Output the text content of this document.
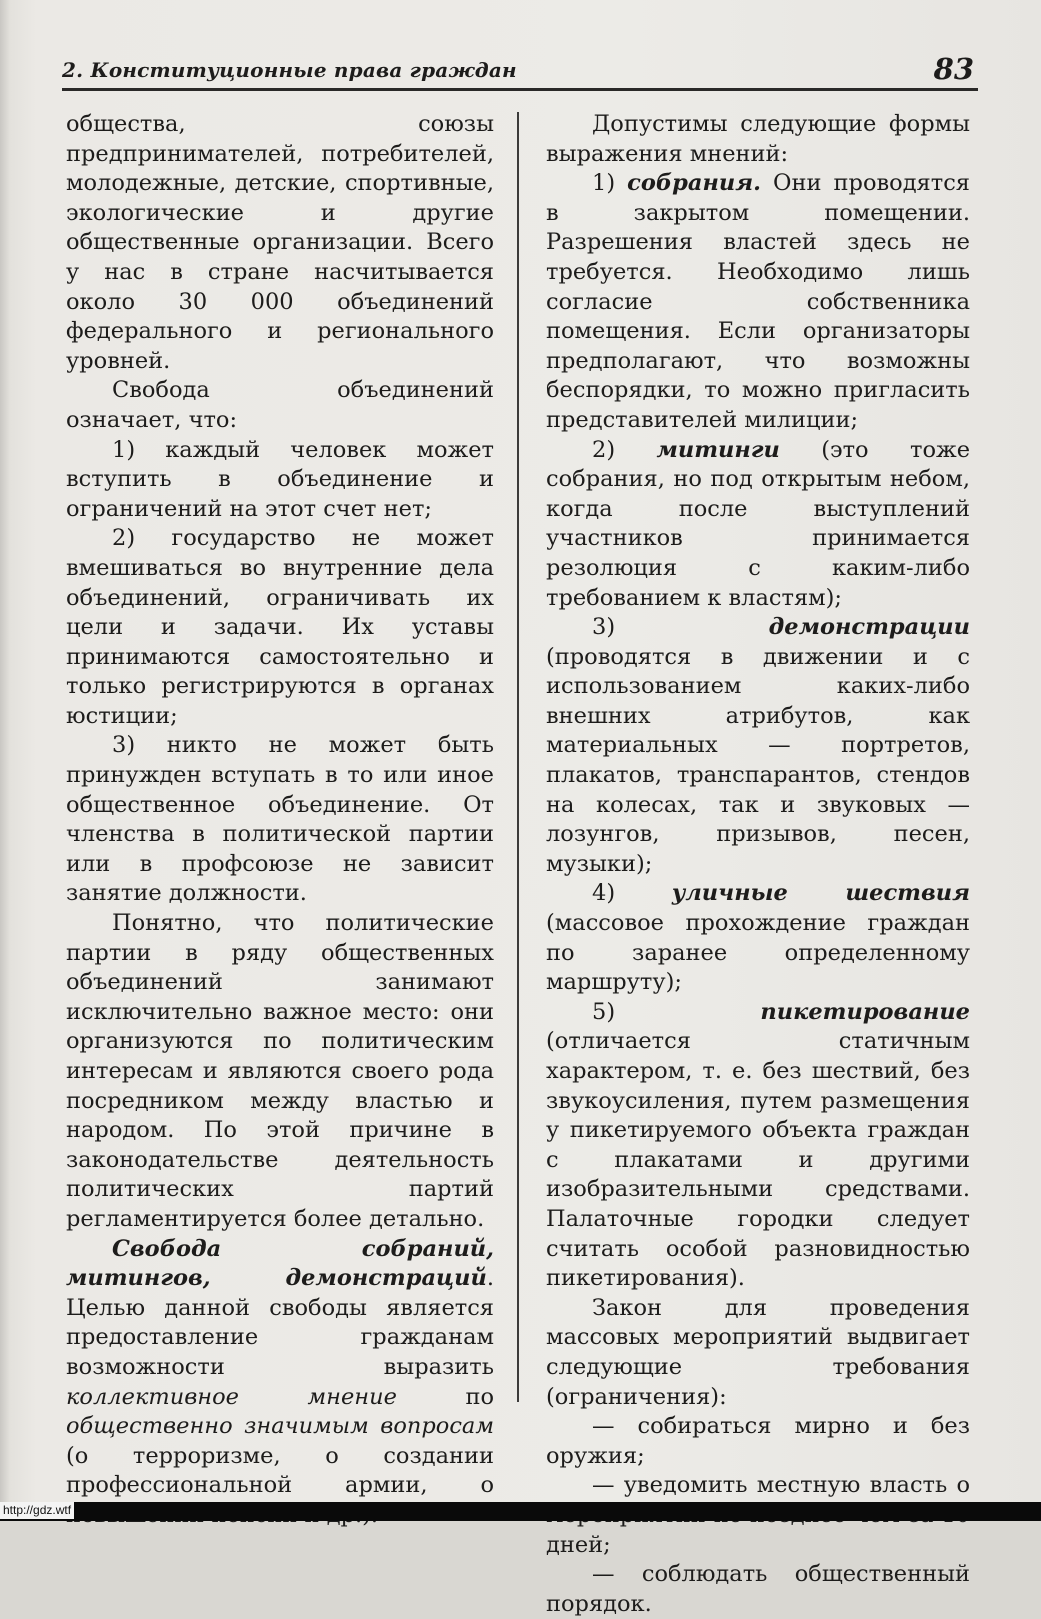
2. Конституционные права граждан	83

общества, союзы предпринимателей, потребителей, молодежные, детские, спортивные, экологические и другие общественные организации. Всего у нас в стране насчитывается около 30 000 объединений федерального и регионального уровней.

Свобода объединений означает, что:

1) каждый человек может вступить в объединение и ограничений на этот счет нет;

2) государство не может вмешиваться во внутренние дела объединений, ограничивать их цели и задачи. Их уставы принимаются самостоятельно и только регистрируются в органах юстиции;

3) никто не может быть принужден вступать в то или иное общественное объединение. От членства в политической партии или в профсоюзе не зависит занятие должности.

Понятно, что политические партии в ряду общественных объединений занимают исключительно важное место: они организуются по политическим интересам и являются своего рода посредником между властью и народом. По этой причине в законодательстве деятельность политических партий регламентируется более детально.

Свобода собраний, митингов, демонстраций. Целью данной свободы является предоставление гражданам возможности выразить коллективное мнение по общественно значимым вопросам (о терроризме, о создании профессиональной армии, о

Допустимы следующие формы выражения мнений:

1) собрания. Они проводятся в закрытом помещении. Разрешения властей здесь не требуется. Необходимо лишь согласие собственника помещения. Если организаторы предполагают, что возможны беспорядки, то можно пригласить представителей милиции;

2) митинги (это тоже собрания, но под открытым небом, когда после выступлений участников принимается резолюция с каким-либо требованием к властям);

3) демонстрации (проводятся в движении и с использованием каких-либо внешних атрибутов, как материальных — портретов, плакатов, транспарантов, стендов на колесах, так и звуковых — лозунгов, призывов, песен, музыки);

4) уличные шествия (массовое прохождение граждан по заранее определенному маршруту);

5) пикетирование (отличается статичным характером, т. е. без шествий, без звукоусиления, путем размещения у пикетируемого объекта граждан с плакатами и другими изобразительными средствами. Палаточные городки следует считать особой разновидностью пикетирования).

Закон для проведения массовых мероприятий выдвигает следующие требования (ограничения):

— собираться мирно и без оружия;

— уведомить местную власть о дней;

— соблюдать общественный порядок.

http://gdz.wtf
